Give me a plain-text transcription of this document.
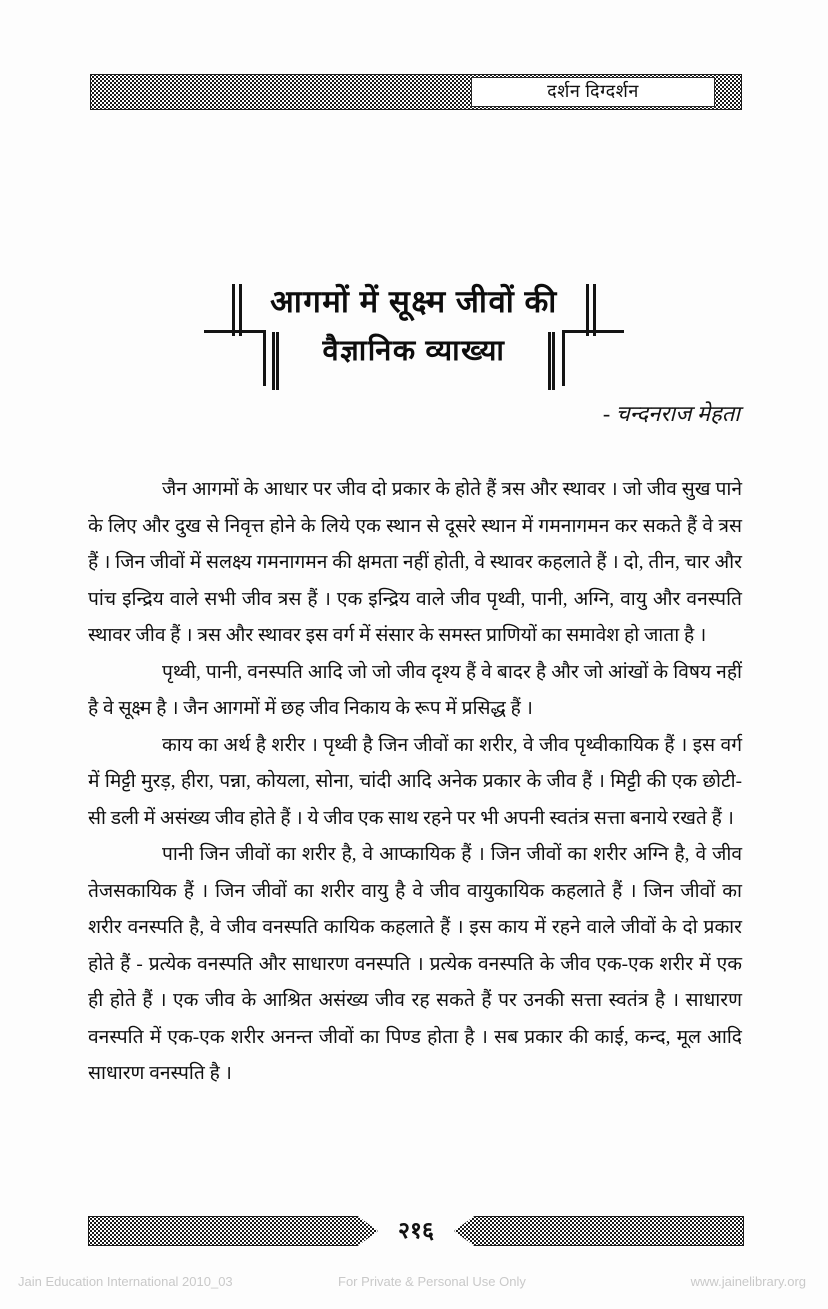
दर्शन दिग्दर्शन
आगमों में सूक्ष्म जीवों की
वैज्ञानिक व्याख्या
- चन्दनराज मेहता

जैन आगमों के आधार पर जीव दो प्रकार के होते हैं त्रस और स्थावर । जो जीव सुख पाने के लिए और दुख से निवृत्त होने के लिये एक स्थान से दूसरे स्थान में गमनागमन कर सकते हैं वे त्रस हैं । जिन जीवों में सलक्ष्य गमनागमन की क्षमता नहीं होती, वे स्थावर कहलाते हैं । दो, तीन, चार और पांच इन्द्रिय वाले सभी जीव त्रस हैं । एक इन्द्रिय वाले जीव पृथ्वी, पानी, अग्नि, वायु और वनस्पति स्थावर जीव हैं । त्रस और स्थावर इस वर्ग में संसार के समस्त प्राणियों का समावेश हो जाता है ।

पृथ्वी, पानी, वनस्पति आदि जो जो जीव दृश्य हैं वे बादर है और जो आंखों के विषय नहीं है वे सूक्ष्म है । जैन आगमों में छह जीव निकाय के रूप में प्रसिद्ध हैं ।

काय का अर्थ है शरीर । पृथ्वी है जिन जीवों का शरीर, वे जीव पृथ्वीकायिक हैं । इस वर्ग में मिट्टी मुरड़, हीरा, पन्ना, कोयला, सोना, चांदी आदि अनेक प्रकार के जीव हैं । मिट्टी की एक छोटी-सी डली में असंख्य जीव होते हैं । ये जीव एक साथ रहने पर भी अपनी स्वतंत्र सत्ता बनाये रखते हैं ।

पानी जिन जीवों का शरीर है, वे आप्कायिक हैं । जिन जीवों का शरीर अग्नि है, वे जीव तेजसकायिक हैं । जिन जीवों का शरीर वायु है वे जीव वायुकायिक कहलाते हैं । जिन जीवों का शरीर वनस्पति है, वे जीव वनस्पति कायिक कहलाते हैं । इस काय में रहने वाले जीवों के दो प्रकार होते हैं - प्रत्येक वनस्पति और साधारण वनस्पति । प्रत्येक वनस्पति के जीव एक-एक शरीर में एक ही होते हैं । एक जीव के आश्रित असंख्य जीव रह सकते हैं पर उनकी सत्ता स्वतंत्र है । साधारण वनस्पति में एक-एक शरीर अनन्त जीवों का पिण्ड होता है । सब प्रकार की काई, कन्द, मूल आदि साधारण वनस्पति है ।

२१६
Jain Education International 2010_03	For Private & Personal Use Only	www.jainelibrary.org
